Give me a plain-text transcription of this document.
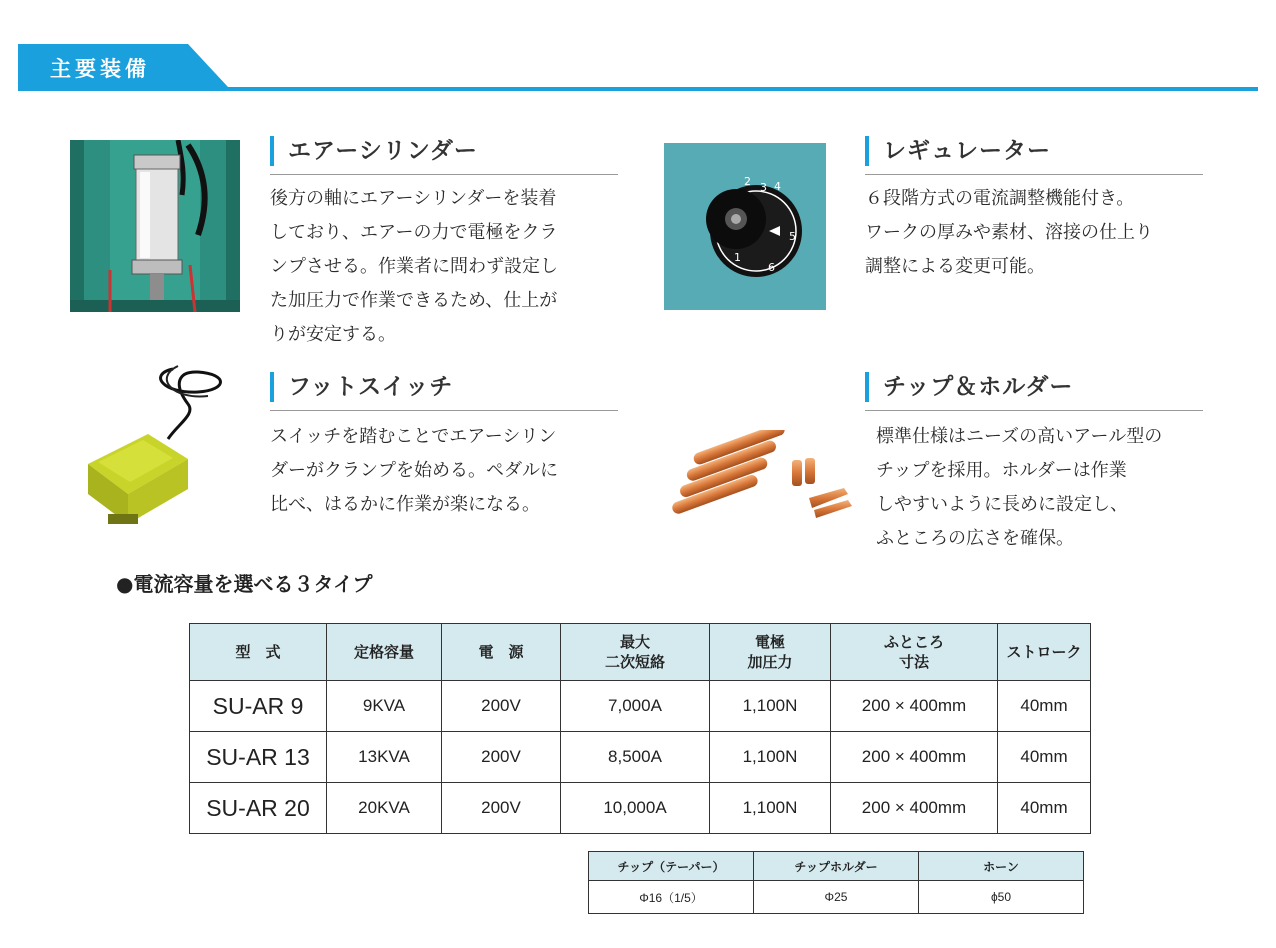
主要装備
エアーシリンダー
後方の軸にエアーシリンダーを装着
しており、エアーの力で電極をクラ
ンプさせる。作業者に問わず設定し
た加圧力で作業できるため、仕上が
りが安定する。
2 4
5
6
1
3
レギュレーター
６段階方式の電流調整機能付き。
ワークの厚みや素材、溶接の仕上り
調整による変更可能。
フットスイッチ
スイッチを踏むことでエアーシリン
ダーがクランプを始める。ペダルに
比べ、はるかに作業が楽になる。
チップ＆ホルダー
標準仕様はニーズの高いアール型の
チップを採用。ホルダーは作業
しやすいように長めに設定し、
ふところの広さを確保。
●電流容量を選べる３タイプ
型　式	定格容量	電　源	最大
二次短絡	電極
加圧力	ふところ
寸法	ストローク
SU-AR 9	9KVA	200V	7,000A	1,100N	200 × 400mm	40mm
SU-AR 13	13KVA	200V	8,500A	1,100N	200 × 400mm	40mm
SU-AR 20	20KVA	200V	10,000A	1,100N	200 × 400mm	40mm
チップ（テーパー）	チップホルダー	ホーン
Φ16（1/5）	Φ25	ϕ50
